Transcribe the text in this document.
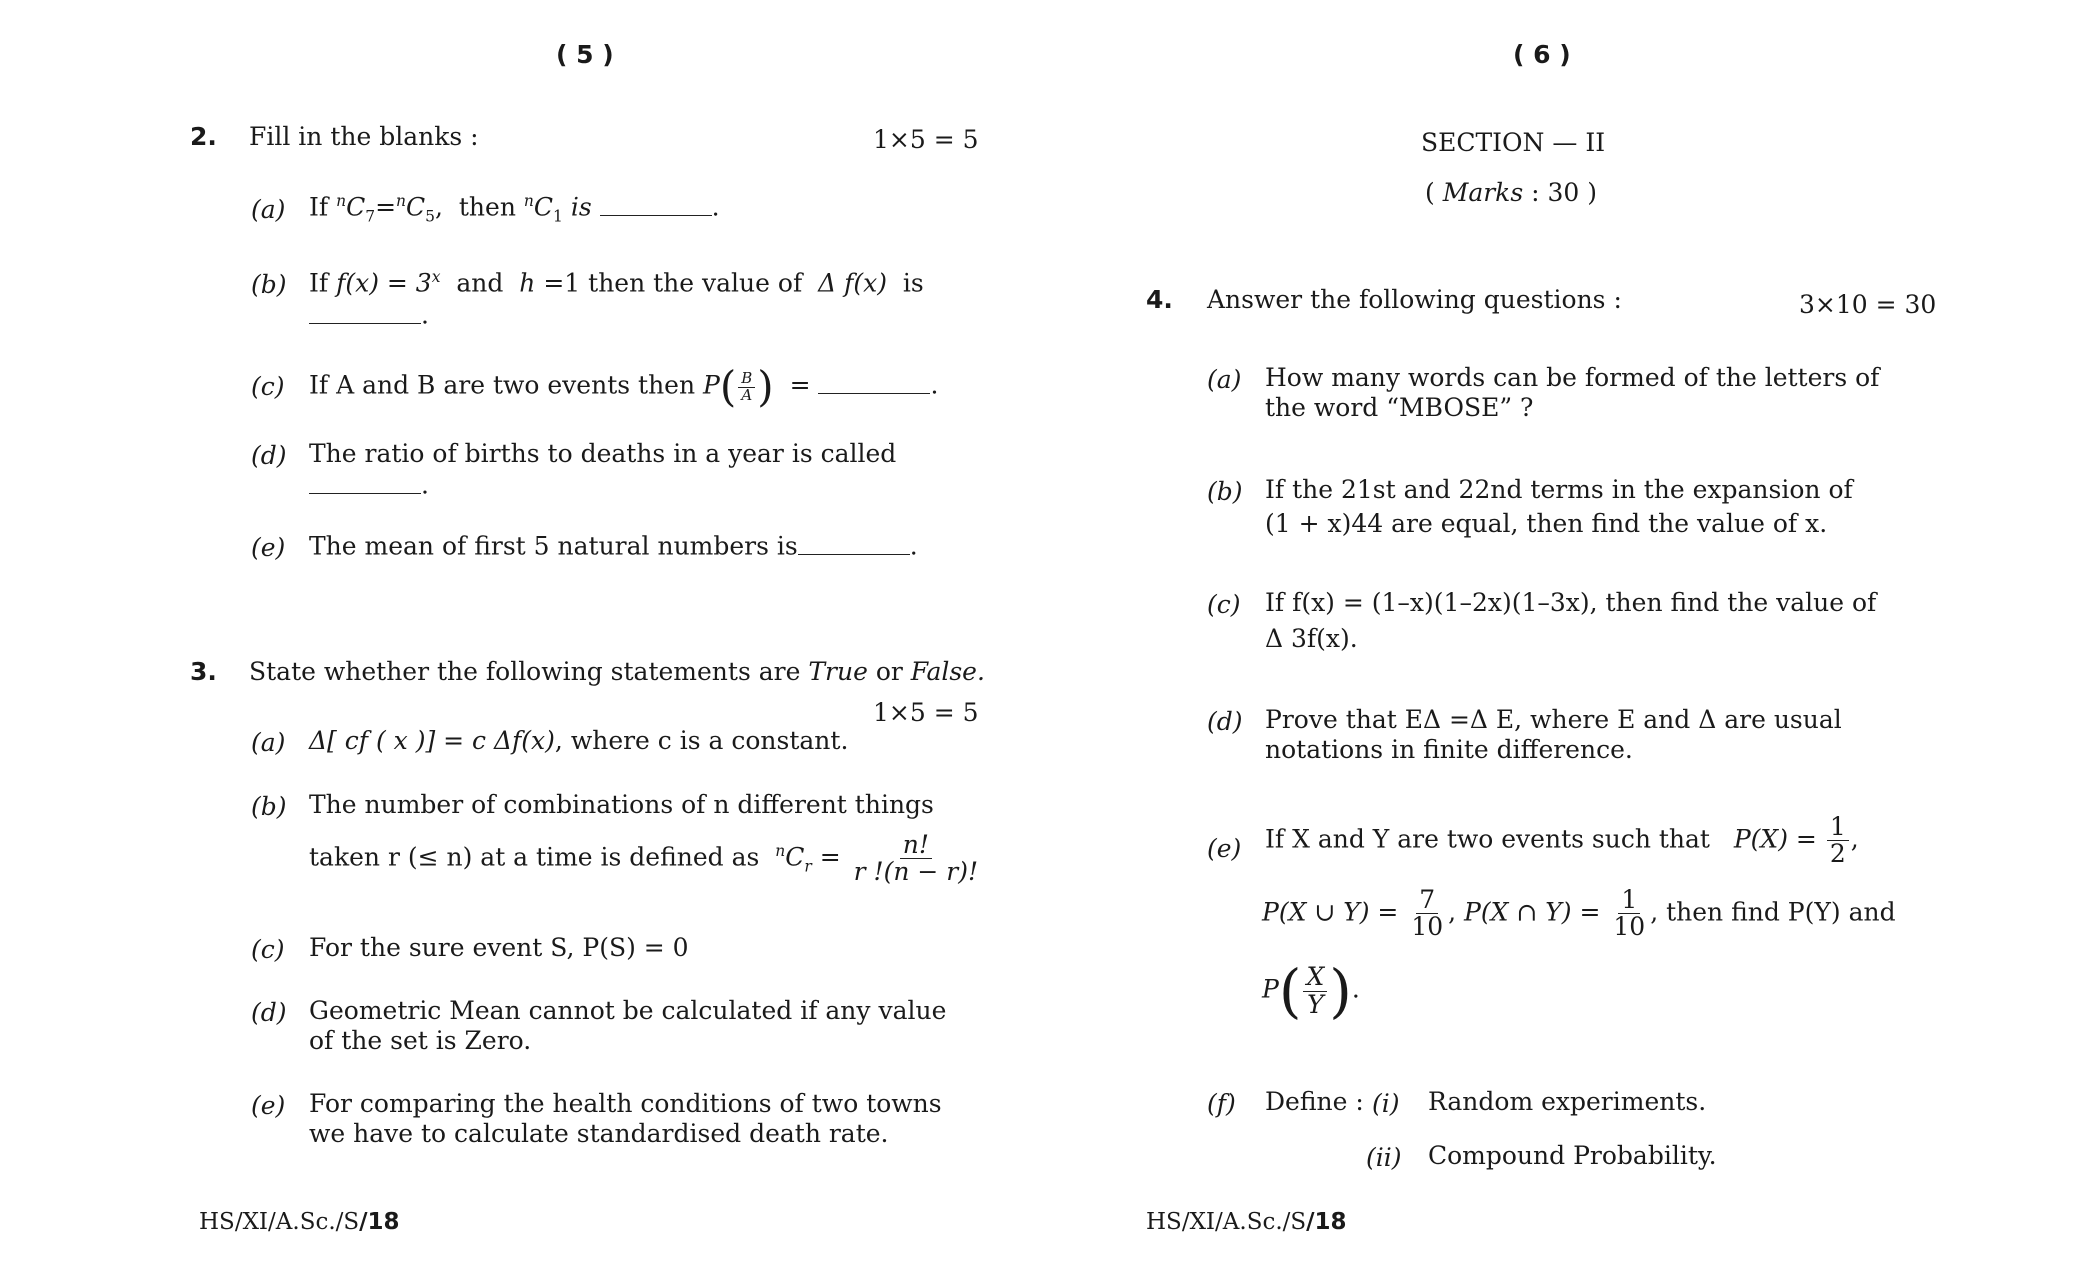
( 5 )
2. Fill in the blanks :	1×5 = 5
(a) If $^nC_7=^nC_5$,  then $^nC_1$ is	.
(b) If $f(x) = 3^x$ and h =1 then the value of Δ f(x) is
.
(c) If A and B are two events then $P( \frac{B}{A}$ ) =	.
(d) The ratio of births to deaths in a year is called
.
(e) The mean of first 5 natural numbers is	.
3. State whether the following statements are True or False.
1×5 = 5
(a) Δ[ cf ( x )] = c Δf(x), where c is a constant.
(b) The number of combinations of n different things
taken r (≤ n) at a time is defined as $^nC_r = \frac{n!}{r !(n - r)!}$
(c) For the sure event S, P(S) = 0
(d) Geometric Mean cannot be calculated if any value
of the set is Zero.
(e) For comparing the health conditions of two towns
we have to calculate standardised death rate.
HS/XI/A.Sc./S/18
( 6 )
SECTION — II
( Marks : 30 )
4. Answer the following questions :	3×10 = 30
(a) How many words can be formed of the letters of
the word “MBOSE” ?
(b) If the 21st and 22nd terms in the expansion of
(1 + x)44 are equal, then find the value of x.
(c) If f(x) = (1–x)(1–2x)(1–3x), then find the value of
Δ 3f(x).
(d) Prove that EΔ =Δ E, where E and Δ are usual
notations in finite difference.
(e) If X and Y are two events such that $P(X) = \frac{1}{2}$ ,
P(X ∪ $Y) = \frac{7}{10}$ , P(X ∩ $Y) = \frac{1}{10}$ , then find P(Y) and
$P( \frac{X}{Y}$ ).
(f) Define : (i) Random experiments.
(ii) Compound Probability.
HS/XI/A.Sc./S/18
